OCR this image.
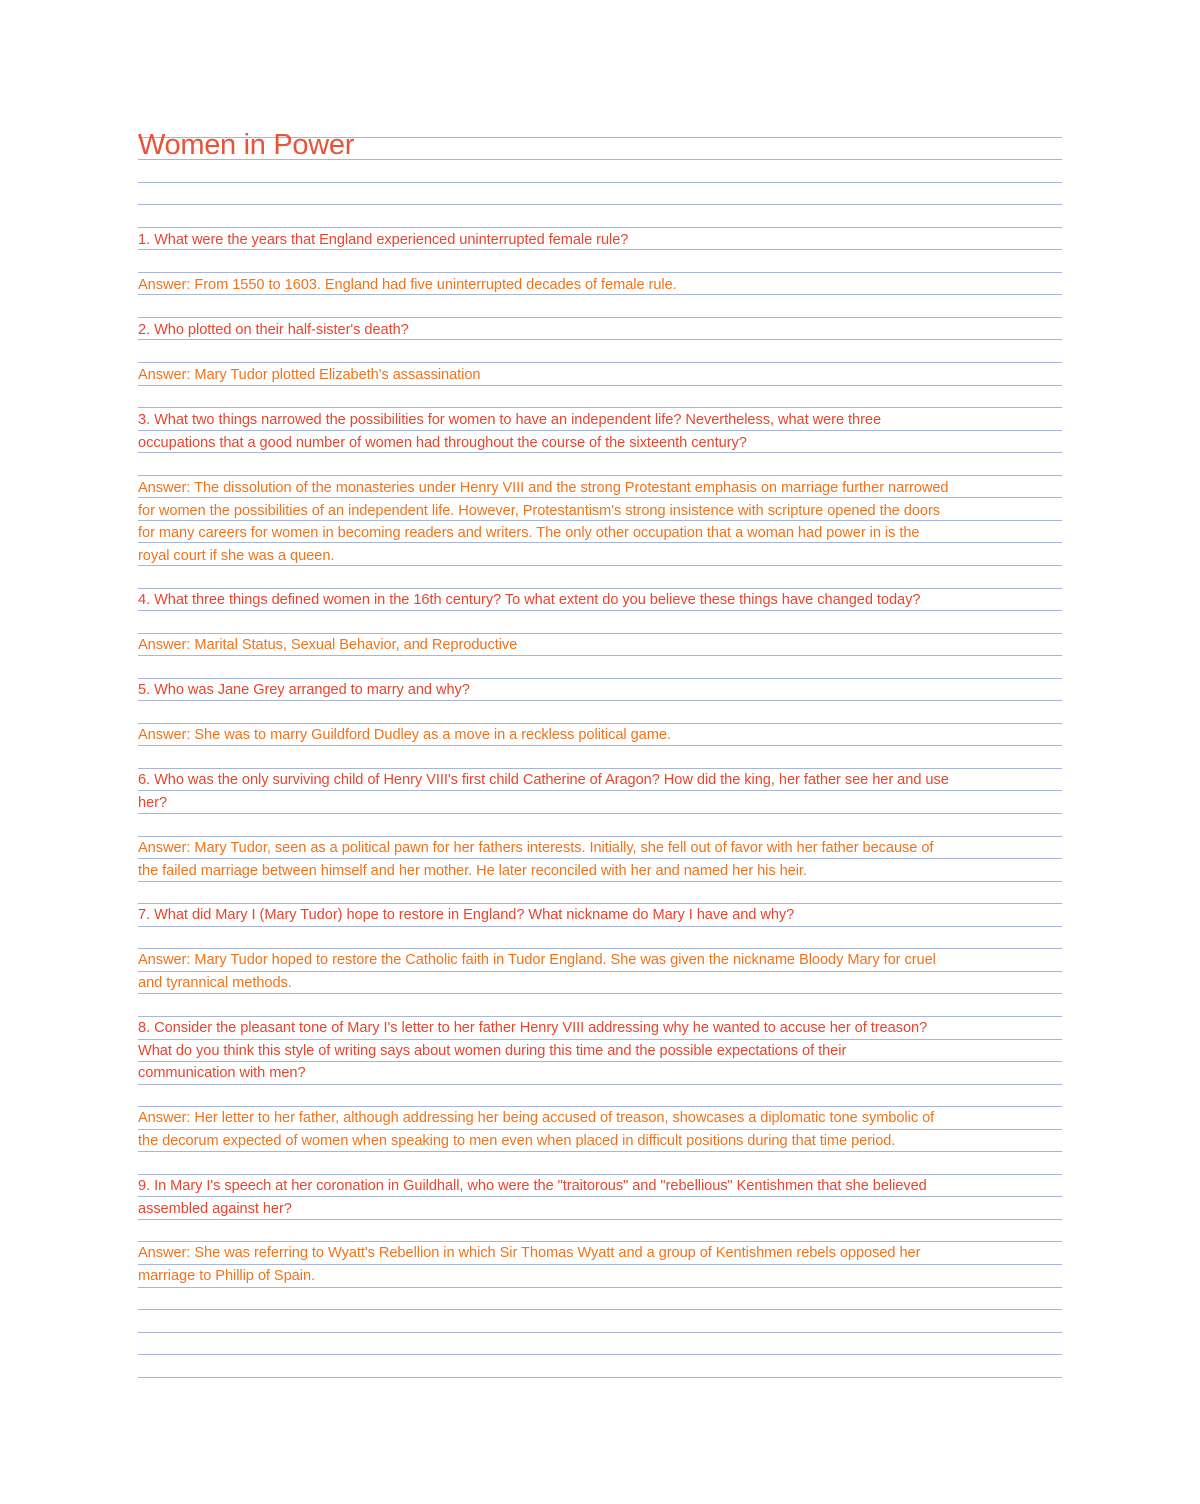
Women in Power
1. What were the years that England experienced uninterrupted female rule?
Answer: From 1550 to 1603. England had five uninterrupted decades of female rule.
2. Who plotted on their half-sister's death?
Answer: Mary Tudor plotted Elizabeth's assassination
3. What two things narrowed the possibilities for women to have an independent life? Nevertheless, what were three
occupations that a good number of women had throughout the course of the sixteenth century?
Answer: The dissolution of the monasteries under Henry VIII and the strong Protestant emphasis on marriage further narrowed
for women the possibilities of an independent life. However, Protestantism's strong insistence with scripture opened the doors
for many careers for women in becoming readers and writers. The only other occupation that a woman had power in is the
royal court if she was a queen.
4. What three things defined women in the 16th century? To what extent do you believe these things have changed today?
Answer: Marital Status, Sexual Behavior, and Reproductive
5. Who was Jane Grey arranged to marry and why?
Answer: She was to marry Guildford Dudley as a move in a reckless political game.
6. Who was the only surviving child of Henry VIII's first child Catherine of Aragon? How did the king, her father see her and use
her?
Answer: Mary Tudor, seen as a political pawn for her fathers interests. Initially, she fell out of favor with her father because of
the failed marriage between himself and her mother. He later reconciled with her and named her his heir.
7. What did Mary I (Mary Tudor) hope to restore in England? What nickname do Mary I have and why?
Answer: Mary Tudor hoped to restore the Catholic faith in Tudor England. She was given the nickname Bloody Mary for cruel
and tyrannical methods.
8. Consider the pleasant tone of Mary I's letter to her father Henry VIII addressing why he wanted to accuse her of treason?
What do you think this style of writing says about women during this time and the possible expectations of their
communication with men?
Answer: Her letter to her father, although addressing her being accused of treason, showcases a diplomatic tone symbolic of
the decorum expected of women when speaking to men even when placed in difficult positions during that time period.
9. In Mary I's speech at her coronation in Guildhall, who were the "traitorous" and "rebellious" Kentishmen that she believed
assembled against her?
Answer: She was referring to Wyatt's Rebellion in which Sir Thomas Wyatt and a group of Kentishmen rebels opposed her
marriage to Phillip of Spain.
